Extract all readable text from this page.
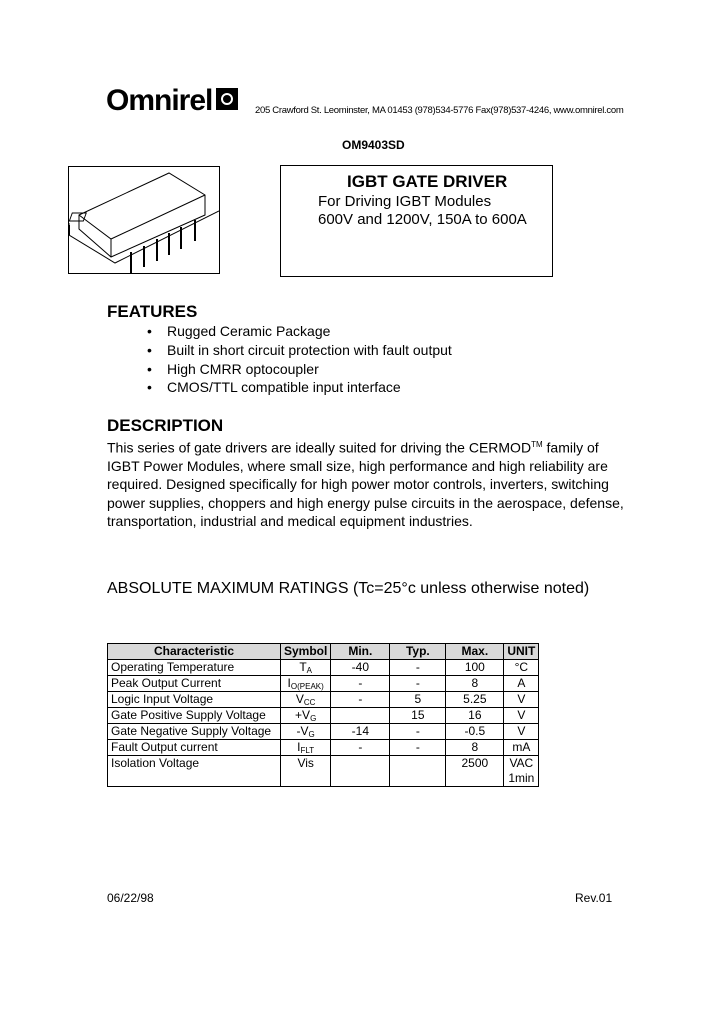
Omnirel	205 Crawford St. Leominster, MA 01453 (978)534-5776 Fax(978)537-4246, www.omnirel.com
OM9403SD
IGBT GATE DRIVER
For Driving IGBT Modules
600V and 1200V, 150A to 600A
FEATURES
• Rugged Ceramic Package
• Built in short circuit protection with fault output
• High CMRR optocoupler
• CMOS/TTL compatible input interface
DESCRIPTION
This series of gate drivers are ideally suited for driving the CERMOD™ family of IGBT Power Modules, where small size, high performance and high reliability are required. Designed specifically for high power motor controls, inverters, switching power supplies, choppers and high energy pulse circuits in the aerospace, defense, transportation, industrial and medical equipment industries.
ABSOLUTE MAXIMUM RATINGS (Tc=25°c unless otherwise noted)
Characteristic	Symbol	Min.	Typ.	Max.	UNIT
Operating Temperature	$T_A$	-40	-	100	°C
Peak Output Current	$I_{O(PEAK)}$	-	-	8	A
Logic Input Voltage	$V_{CC}$	-	5	5.25	V
Gate Positive Supply Voltage	$+V_G$		15	16	V
Gate Negative Supply Voltage	$-V_G$	-14	-	-0.5	V
Fault Output current	$I_{FLT}$	-	-	8	mA
Isolation Voltage	Vis			2500	VAC
1min
06/22/98	Rev.01
